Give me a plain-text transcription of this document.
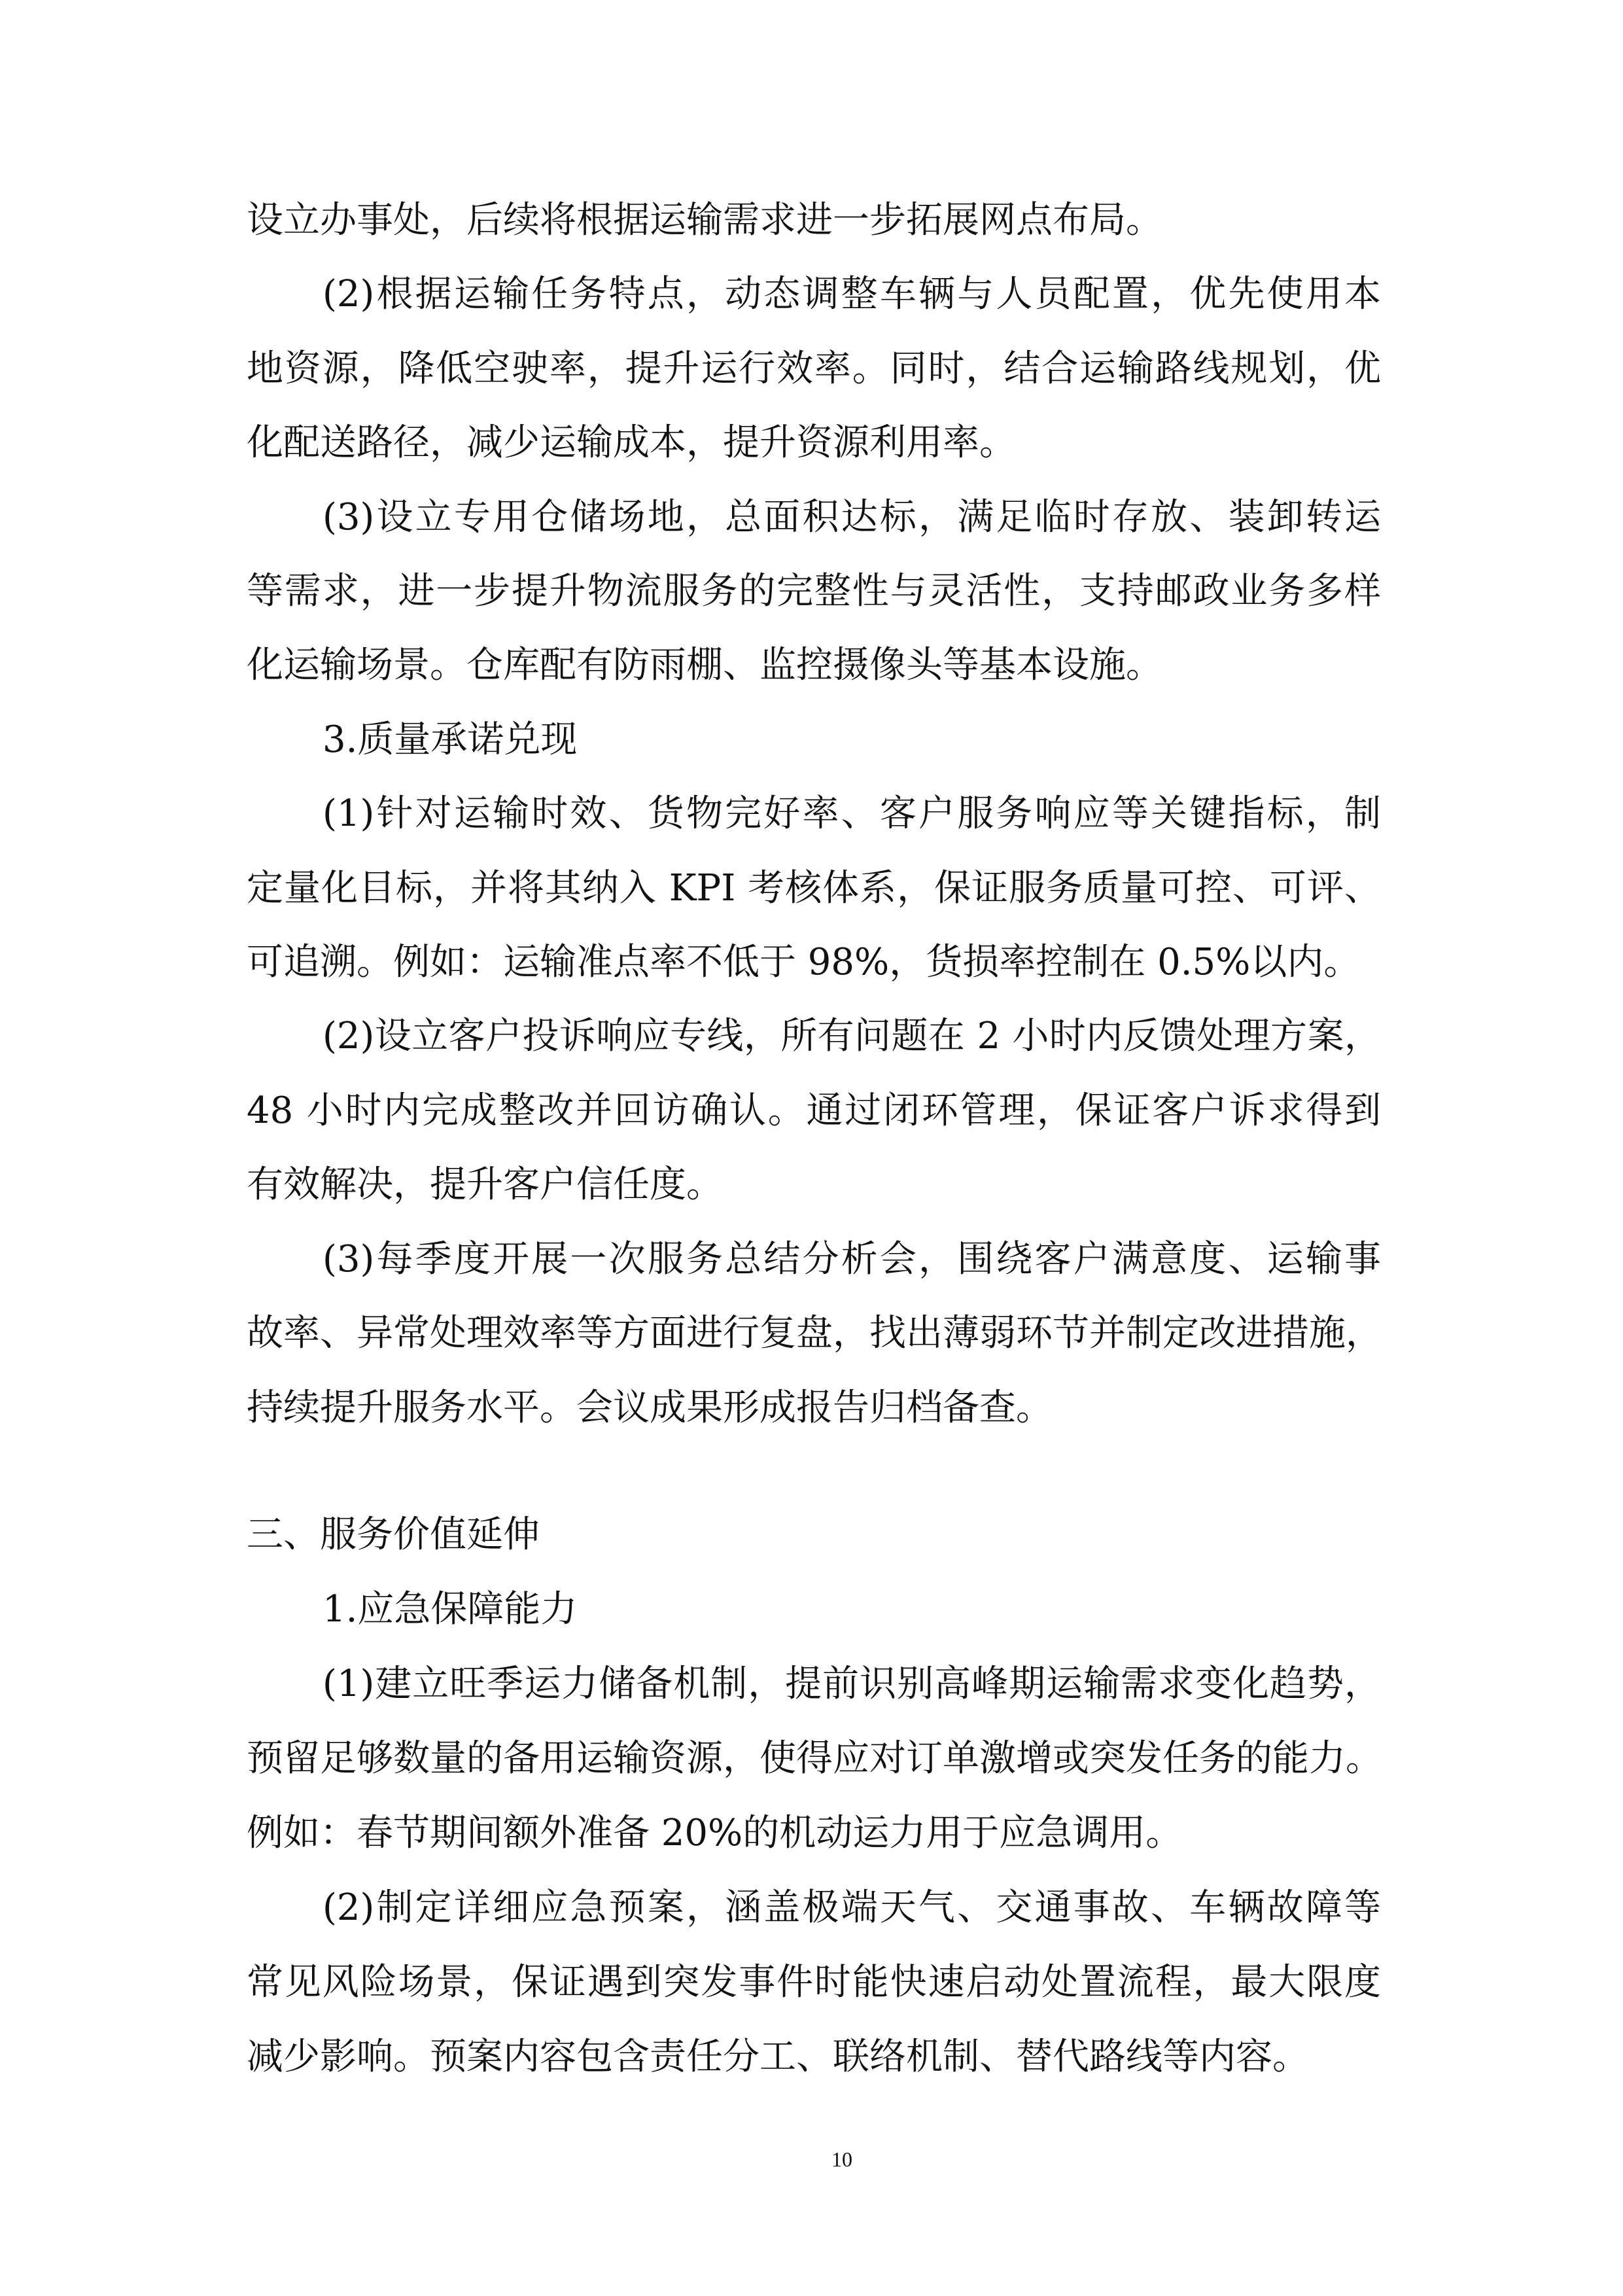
设立办事处，后续将根据运输需求进一步拓展网点布局。
(2)根据运输任务特点，动态调整车辆与人员配置，优先使用本
地资源，降低空驶率，提升运行效率。同时，结合运输路线规划，优
化配送路径，减少运输成本，提升资源利用率。
(3)设立专用仓储场地，总面积达标，满足临时存放、装卸转运
等需求，进一步提升物流服务的完整性与灵活性，支持邮政业务多样
化运输场景。仓库配有防雨棚、监控摄像头等基本设施。
3.质量承诺兑现
(1)针对运输时效、货物完好率、客户服务响应等关键指标，制
定量化目标，并将其纳入 KPI 考核体系，保证服务质量可控、可评、
可追溯。例如：运输准点率不低于 98%，货损率控制在 0.5%以内。
(2)设立客户投诉响应专线，所有问题在 2 小时内反馈处理方案，
48 小时内完成整改并回访确认。通过闭环管理，保证客户诉求得到
有效解决，提升客户信任度。
(3)每季度开展一次服务总结分析会，围绕客户满意度、运输事
故率、异常处理效率等方面进行复盘，找出薄弱环节并制定改进措施，
持续提升服务水平。会议成果形成报告归档备查。
三、服务价值延伸
1.应急保障能力
(1)建立旺季运力储备机制，提前识别高峰期运输需求变化趋势，
预留足够数量的备用运输资源，使得应对订单激增或突发任务的能力。
例如：春节期间额外准备 20%的机动运力用于应急调用。
(2)制定详细应急预案，涵盖极端天气、交通事故、车辆故障等
常见风险场景，保证遇到突发事件时能快速启动处置流程，最大限度
减少影响。预案内容包含责任分工、联络机制、替代路线等内容。
10
